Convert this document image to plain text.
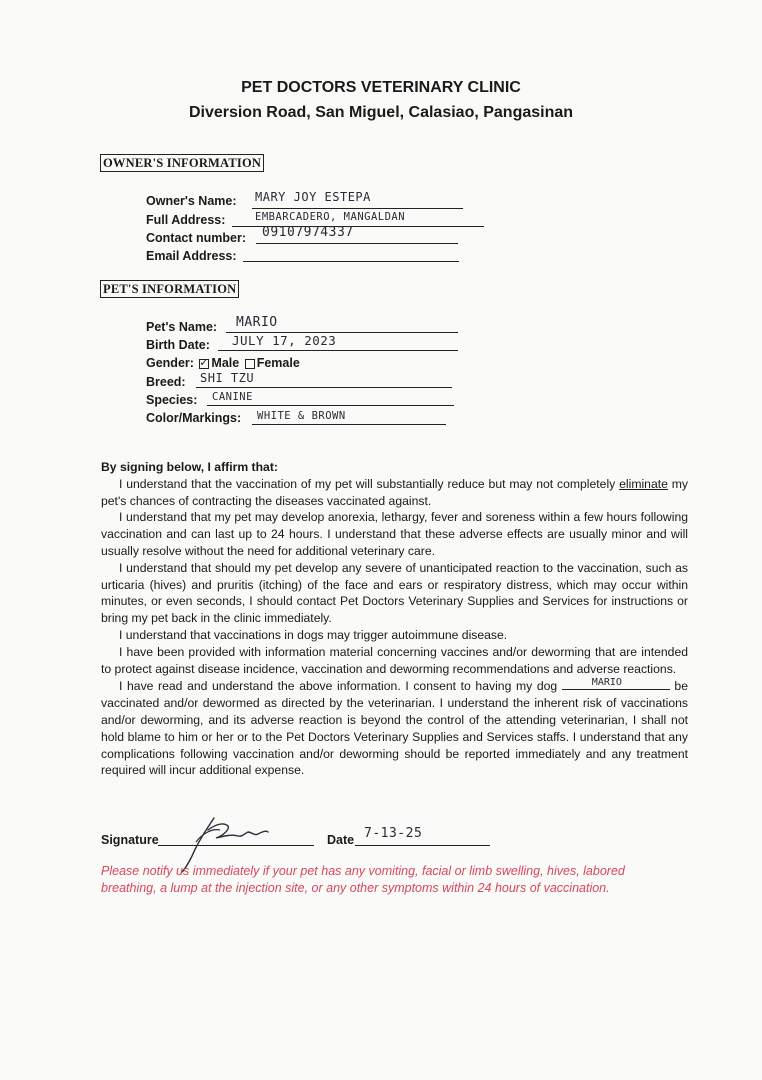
PET DOCTORS VETERINARY CLINIC
Diversion Road, San Miguel, Calasiao, Pangasinan
OWNER'S INFORMATION
Owner's Name: MARY JOY ESTEPA
Full Address:	EMBARCADERO, MANGALDAN
Contact number: 09107974337
Email Address:
PET'S INFORMATION
Pet's Name: MARIO
Birth Date: JULY 17, 2023
Gender: ✓ Male Female
Breed: SHI TZU
Species: CANINE
Color/Markings: WHITE & BROWN
By signing below, I affirm that:

I understand that the vaccination of my pet will substantially reduce but may not completely eliminate my pet's chances of contracting the diseases vaccinated against.

I understand that my pet may develop anorexia, lethargy, fever and soreness within a few hours following vaccination and can last up to 24 hours. I understand that these adverse effects are usually minor and will usually resolve without the need for additional veterinary care.

I understand that should my pet develop any severe of unanticipated reaction to the vaccination, such as urticaria (hives) and pruritis (itching) of the face and ears or respiratory distress, which may occur within minutes, or even seconds, I should contact Pet Doctors Veterinary Supplies and Services for instructions or bring my pet back in the clinic immediately.

I understand that vaccinations in dogs may trigger autoimmune disease.

I have been provided with information material concerning vaccines and/or deworming that are intended to protect against disease incidence, vaccination and deworming recommendations and adverse reactions.

I have read and understand the above information. I consent to having my dog	MARIO	be vaccinated and/or dewormed as directed by the veterinarian. I understand the inherent risk of vaccinations and/or deworming, and its adverse reaction is beyond the control of the attending veterinarian, I shall not hold blame to him or her or to the Pet Doctors Veterinary Supplies and Services staffs. I understand that any complications following vaccination and/or deworming should be reported immediately and any treatment required will incur additional expense.

Signature	Date 7-13-25
Please notify us immediately if your pet has any vomiting, facial or limb swelling, hives, labored breathing, a lump at the injection site, or any other symptoms within 24 hours of vaccination.
